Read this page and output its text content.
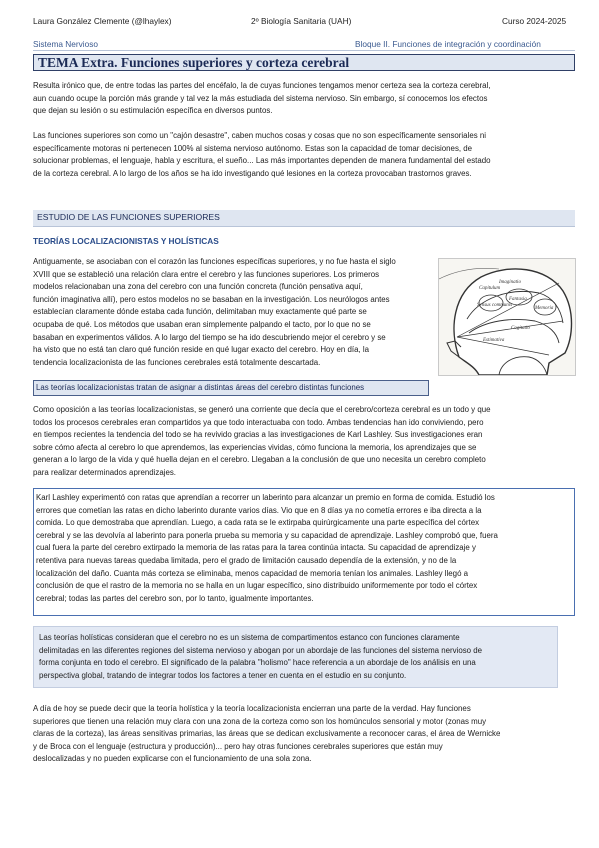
Laura González Clemente (@lhaylex)	2º Biología Sanitaria (UAH)	Curso 2024-2025
Sistema Nervioso	Bloque II. Funciones de integración y coordinación
TEMA Extra. Funciones superiores y corteza cerebral
Resulta irónico que, de entre todas las partes del encéfalo, la de cuyas funciones tengamos menor certeza sea la corteza cerebral,
aun cuando ocupe la porción más grande y tal vez la más estudiada del sistema nervioso. Sin embargo, sí conocemos los efectos
que dejan su lesión o su estimulación específica en diversos puntos.
Las funciones superiores son como un "cajón desastre", caben muchos cosas y cosas que no son específicamente sensoriales ni
específicamente motoras ni pertenecen 100% al sistema nervioso autónomo. Estas son la capacidad de tomar decisiones, de
solucionar problemas, el lenguaje, habla y escritura, el sueño... Las más importantes dependen de manera fundamental del estado
de la corteza cerebral. A lo largo de los años se ha ido investigando qué lesiones en la corteza provocaban trastornos graves.
ESTUDIO DE LAS FUNCIONES SUPERIORES
TEORÍAS LOCALIZACIONISTAS Y HOLÍSTICAS
Antiguamente, se asociaban con el corazón las funciones específicas superiores, y no fue hasta el siglo
XVIII que se estableció una relación clara entre el cerebro y las funciones superiores. Los primeros
modelos relacionaban una zona del cerebro con una función concreta (función pensativa aquí,
función imaginativa allí), pero estos modelos no se basaban en la investigación. Los neurólogos antes
establecían claramente dónde estaba cada función, delimitaban muy exactamente qué parte se
ocupaba de qué. Los métodos que usaban eran simplemente palpando el tacto, por lo que no se
basaban en experimentos válidos. A lo largo del tiempo se ha ido descubriendo mejor el cerebro y se
ha visto que no está tan claro qué función reside en qué lugar exacto del cerebro. Hoy en día, la
tendencia localizacionista de las funciones cerebrales está totalmente descartada.
Capitulum
Imaginatio
Sensus communis
Memoria
Fantasia
Cogitatio
Estimativa
Las teorías localizacionistas tratan de asignar a distintas áreas del cerebro distintas funciones
Como oposición a las teorías localizacionistas, se generó una corriente que decía que el cerebro/corteza cerebral es un todo y que
todos los procesos cerebrales eran compartidos ya que todo interactuaba con todo. Ambas tendencias han ido conviviendo, pero
en tiempos recientes la tendencia del todo se ha revivido gracias a las investigaciones de Karl Lashley. Sus investigaciones eran
sobre cómo afecta al cerebro lo que aprendemos, las experiencias vividas, cómo funciona la memoria, los aprendizajes que se
generan a lo largo de la vida y qué huella dejan en el cerebro. Llegaban a la conclusión de que uno necesita un cerebro completo
para realizar determinados aprendizajes.
Karl Lashley experimentó con ratas que aprendían a recorrer un laberinto para alcanzar un premio en forma de comida. Estudió los
errores que cometían las ratas en dicho laberinto durante varios días. Vio que en 8 días ya no cometía errores e iba directa a la
comida. Lo que demostraba que aprendían. Luego, a cada rata se le extirpaba quirúrgicamente una parte específica del córtex
cerebral y se las devolvía al laberinto para ponerla prueba su memoria y su capacidad de aprendizaje. Lashley comprobó que, fuera
cual fuera la parte del cerebro extirpado la memoria de las ratas para la tarea continúa intacta. Su capacidad de aprendizaje y
retentiva para nuevas tareas quedaba limitada, pero el grado de limitación causado dependía de la extensión, y no de la
localización del daño. Cuanta más corteza se eliminaba, menos capacidad de memoria tenían los animales. Lashley llegó a
conclusión de que el rastro de la memoria no se halla en un lugar específico, sino distribuido uniformemente por todo el córtex
cerebral; todas las partes del cerebro son, por lo tanto, igualmente importantes.
Las teorías holísticas consideran que el cerebro no es un sistema de compartimentos estanco con funciones claramente
delimitadas en las diferentes regiones del sistema nervioso y abogan por un abordaje de las funciones del sistema nervioso de
forma conjunta en todo el cerebro. El significado de la palabra "holismo" hace referencia a un abordaje de los análisis en una
perspectiva global, tratando de integrar todos los factores a tener en cuenta en el estudio en su conjunto.
A día de hoy se puede decir que la teoría holística y la teoría localizacionista encierran una parte de la verdad. Hay funciones
superiores que tienen una relación muy clara con una zona de la corteza como son los homúnculos sensorial y motor (zonas muy
claras de la corteza), las áreas sensitivas primarias, las áreas que se dedican exclusivamente a reconocer caras, el área de Wernicke
y de Broca con el lenguaje (estructura y producción)... pero hay otras funciones cerebrales superiores que están muy
deslocalizadas y no pueden explicarse con el funcionamiento de una sola zona.
